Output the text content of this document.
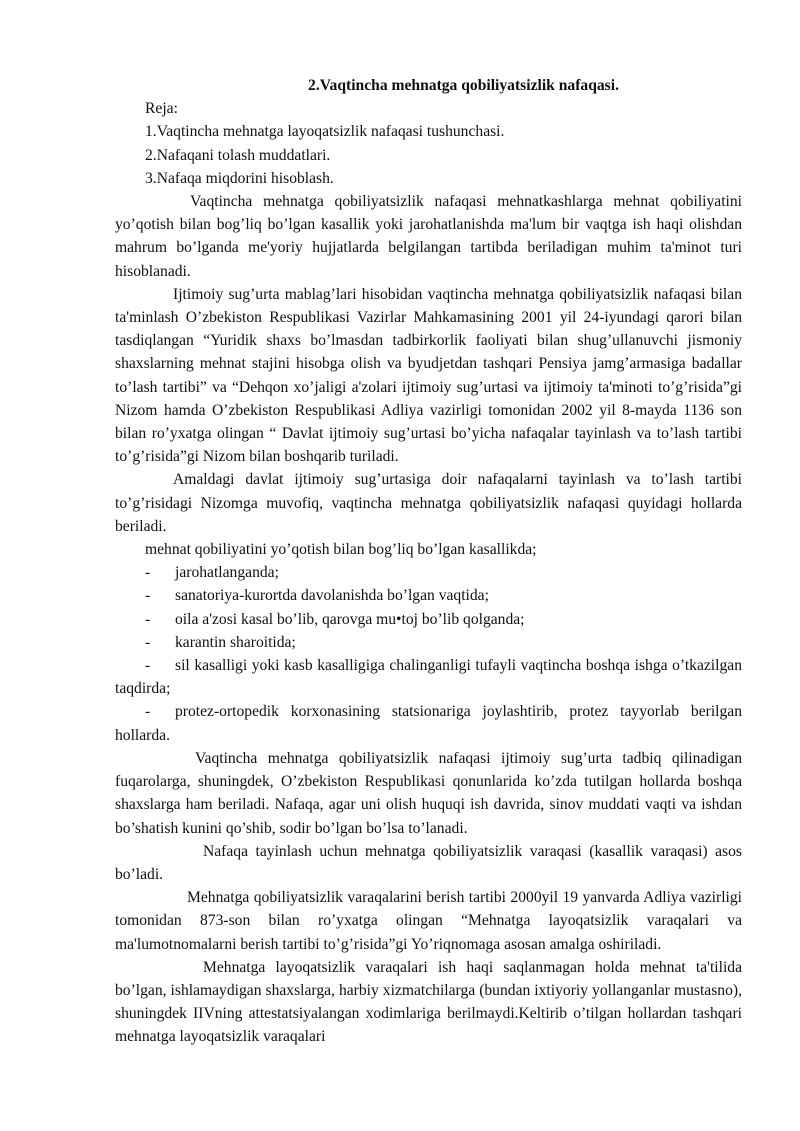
2.Vaqtincha mehnatga qobiliyatsizlik nafaqasi.

Reja:

1.Vaqtincha mehnatga layoqatsizlik nafaqasi tushunchasi.

2.Nafaqani tolash muddatlari.

3.Nafaqa miqdorini hisoblash.

Vaqtincha mehnatga qobiliyatsizlik nafaqasi mehnatkashlarga mehnat qobiliyatini yo’qotish bilan bog’liq bo’lgan kasallik yoki jarohatlanishda ma'lum bir vaqtga ish haqi olishdan mahrum bo’lganda me'yoriy hujjatlarda belgilangan tartibda beriladigan muhim ta'minot turi hisoblanadi.

Ijtimoiy sug’urta mablag’lari hisobidan vaqtincha mehnatga qobiliyatsizlik nafaqasi bilan ta'minlash O’zbekiston Respublikasi Vazirlar Mahkamasining 2001 yil 24-iyundagi qarori bilan tasdiqlangan “Yuridik shaxs bo’lmasdan tadbirkorlik faoliyati bilan shug’ullanuvchi jismoniy shaxslarning mehnat stajini hisobga olish va byudjetdan tashqari Pensiya jamg’armasiga badallar to’lash tartibi” va “Dehqon xo’jaligi a'zolari ijtimoiy sug’urtasi va ijtimoiy ta'minoti to’g’risida”gi Nizom hamda O’zbekiston Respublikasi Adliya vazirligi tomonidan 2002 yil 8-mayda 1136 son bilan ro’yxatga olingan “ Davlat ijtimoiy sug’urtasi bo’yicha nafaqalar tayinlash va to’lash tartibi to’g’risida”gi Nizom bilan boshqarib turiladi.

Amaldagi davlat ijtimoiy sug’urtasiga doir nafaqalarni tayinlash va to’lash tartibi to’g’risidagi Nizomga muvofiq, vaqtincha mehnatga qobiliyatsizlik nafaqasi quyidagi hollarda beriladi.

mehnat qobiliyatini yo’qotish bilan bog’liq bo’lgan kasallikda;

-	jarohatlanganda;
-	sanatoriya-kurortda davolanishda bo’lgan vaqtida;
-	oila a'zosi kasal bo’lib, qarovga mu•toj bo’lib qolganda;
-	karantin sharoitida;

- sil kasalligi yoki kasb kasalligiga chalinganligi tufayli vaqtincha boshqa ishga o’tkazilgan taqdirda;

- protez-ortopedik korxonasining statsionariga joylashtirib, protez tayyorlab berilgan hollarda.

Vaqtincha mehnatga qobiliyatsizlik nafaqasi ijtimoiy sug’urta tadbiq qilinadigan fuqarolarga, shuningdek, O’zbekiston Respublikasi qonunlarida ko’zda tutilgan hollarda boshqa shaxslarga ham beriladi. Nafaqa, agar uni olish huquqi ish davrida, sinov muddati vaqti va ishdan bo’shatish kunini qo’shib, sodir bo’lgan bo’lsa to’lanadi.

Nafaqa tayinlash uchun mehnatga qobiliyatsizlik varaqasi (kasallik varaqasi) asos bo’ladi.

Mehnatga qobiliyatsizlik varaqalarini berish tartibi 2000yil 19 yanvarda Adliya vazirligi tomonidan 873-son bilan ro’yxatga olingan “Mehnatga layoqatsizlik varaqalari va ma'lumotnomalarni berish tartibi to’g’risida”gi Yo’riqnomaga asosan amalga oshiriladi.

Mehnatga layoqatsizlik varaqalari ish haqi saqlanmagan holda mehnat ta'tilida bo’lgan, ishlamaydigan shaxslarga, harbiy xizmatchilarga (bundan ixtiyoriy yollanganlar mustasno), shuningdek IIVning attestatsiyalangan xodimlariga berilmaydi.Keltirib o’tilgan hollardan tashqari mehnatga layoqatsizlik varaqalari
